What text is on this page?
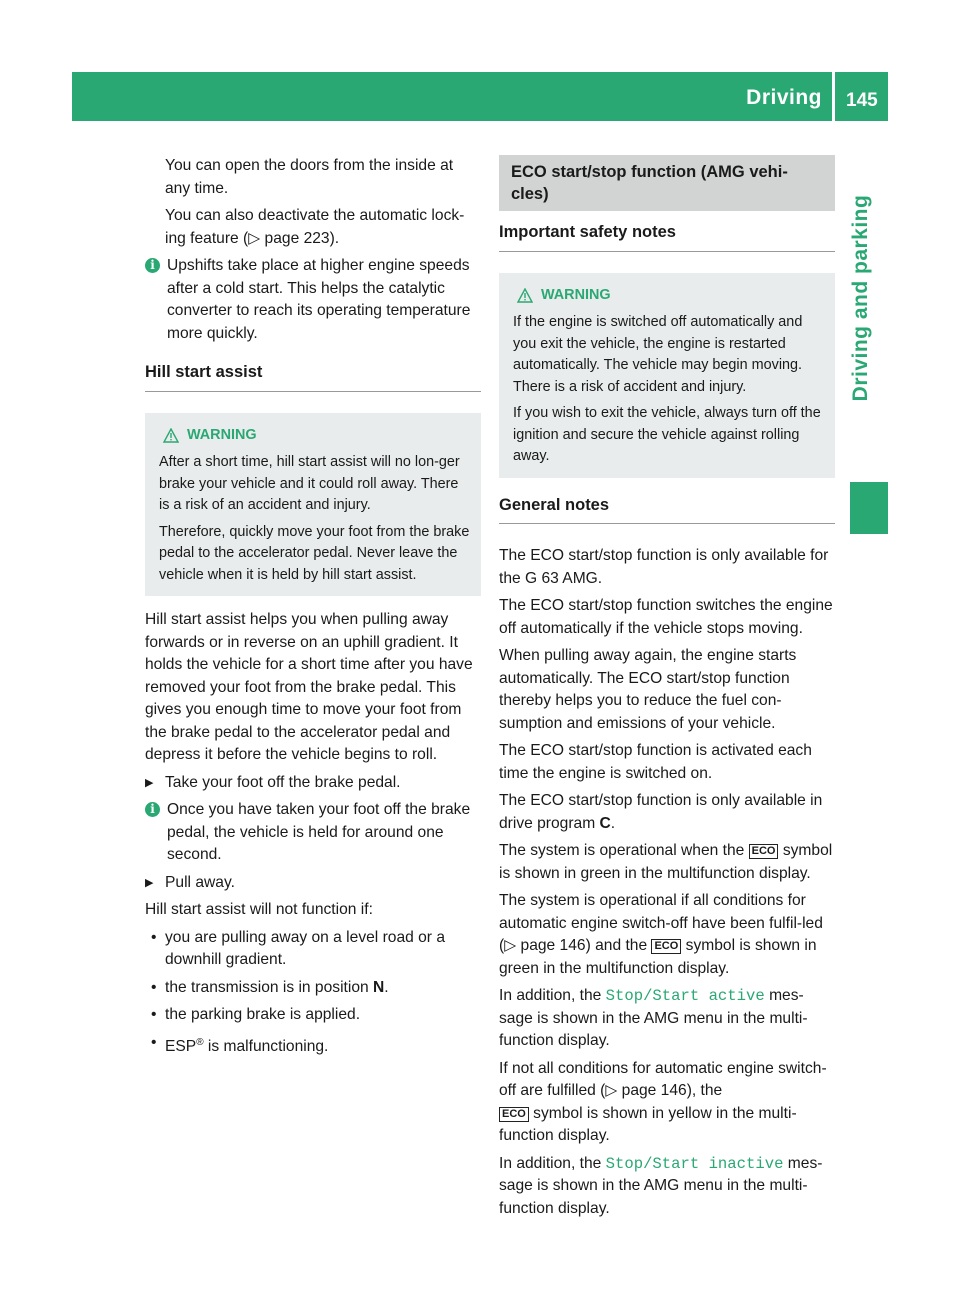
Driving 145
Driving and parking

You can open the doors from the inside at any time.

You can also deactivate the automatic lock-ing feature (▷ page 223).

i Upshifts take place at higher engine speeds after a cold start. This helps the catalytic converter to reach its operating temperature more quickly.
Hill start assist
WARNING

After a short time, hill start assist will no lon-ger brake your vehicle and it could roll away. There is a risk of an accident and injury.

Therefore, quickly move your foot from the brake pedal to the accelerator pedal. Never leave the vehicle when it is held by hill start assist.

Hill start assist helps you when pulling away forwards or in reverse on an uphill gradient. It holds the vehicle for a short time after you have removed your foot from the brake pedal. This gives you enough time to move your foot from the brake pedal to the accelerator pedal and depress it before the vehicle begins to roll.

▶ Take your foot off the brake pedal.
i Once you have taken your foot off the brake pedal, the vehicle is held for around one second.
▶ Pull away.

Hill start assist will not function if:

• you are pulling away on a level road or a downhill gradient.
• the transmission is in position N.
• the parking brake is applied.
• ESP® is malfunctioning.
ECO start/stop function (AMG vehi-cles)
Important safety notes
WARNING

If the engine is switched off automatically and you exit the vehicle, the engine is restarted automatically. The vehicle may begin moving. There is a risk of accident and injury.

If you wish to exit the vehicle, always turn off the ignition and secure the vehicle against rolling away.

General notes

The ECO start/stop function is only available for the G 63 AMG.

The ECO start/stop function switches the engine off automatically if the vehicle stops moving.

When pulling away again, the engine starts automatically. The ECO start/stop function thereby helps you to reduce the fuel con-sumption and emissions of your vehicle.

The ECO start/stop function is activated each time the engine is switched on.

The ECO start/stop function is only available in drive program C.

The system is operational when the ECO symbol is shown in green in the multifunction display.

The system is operational if all conditions for automatic engine switch-off have been fulfil-led (▷ page 146) and the ECO symbol is shown in green in the multifunction display.

In addition, the Stop/Start active mes-sage is shown in the AMG menu in the multi-function display.

If not all conditions for automatic engine switch-off are fulfilled (▷ page 146), the
ECO symbol is shown in yellow in the multi-function display.

In addition, the Stop/Start inactive mes-sage is shown in the AMG menu in the multi-function display.
